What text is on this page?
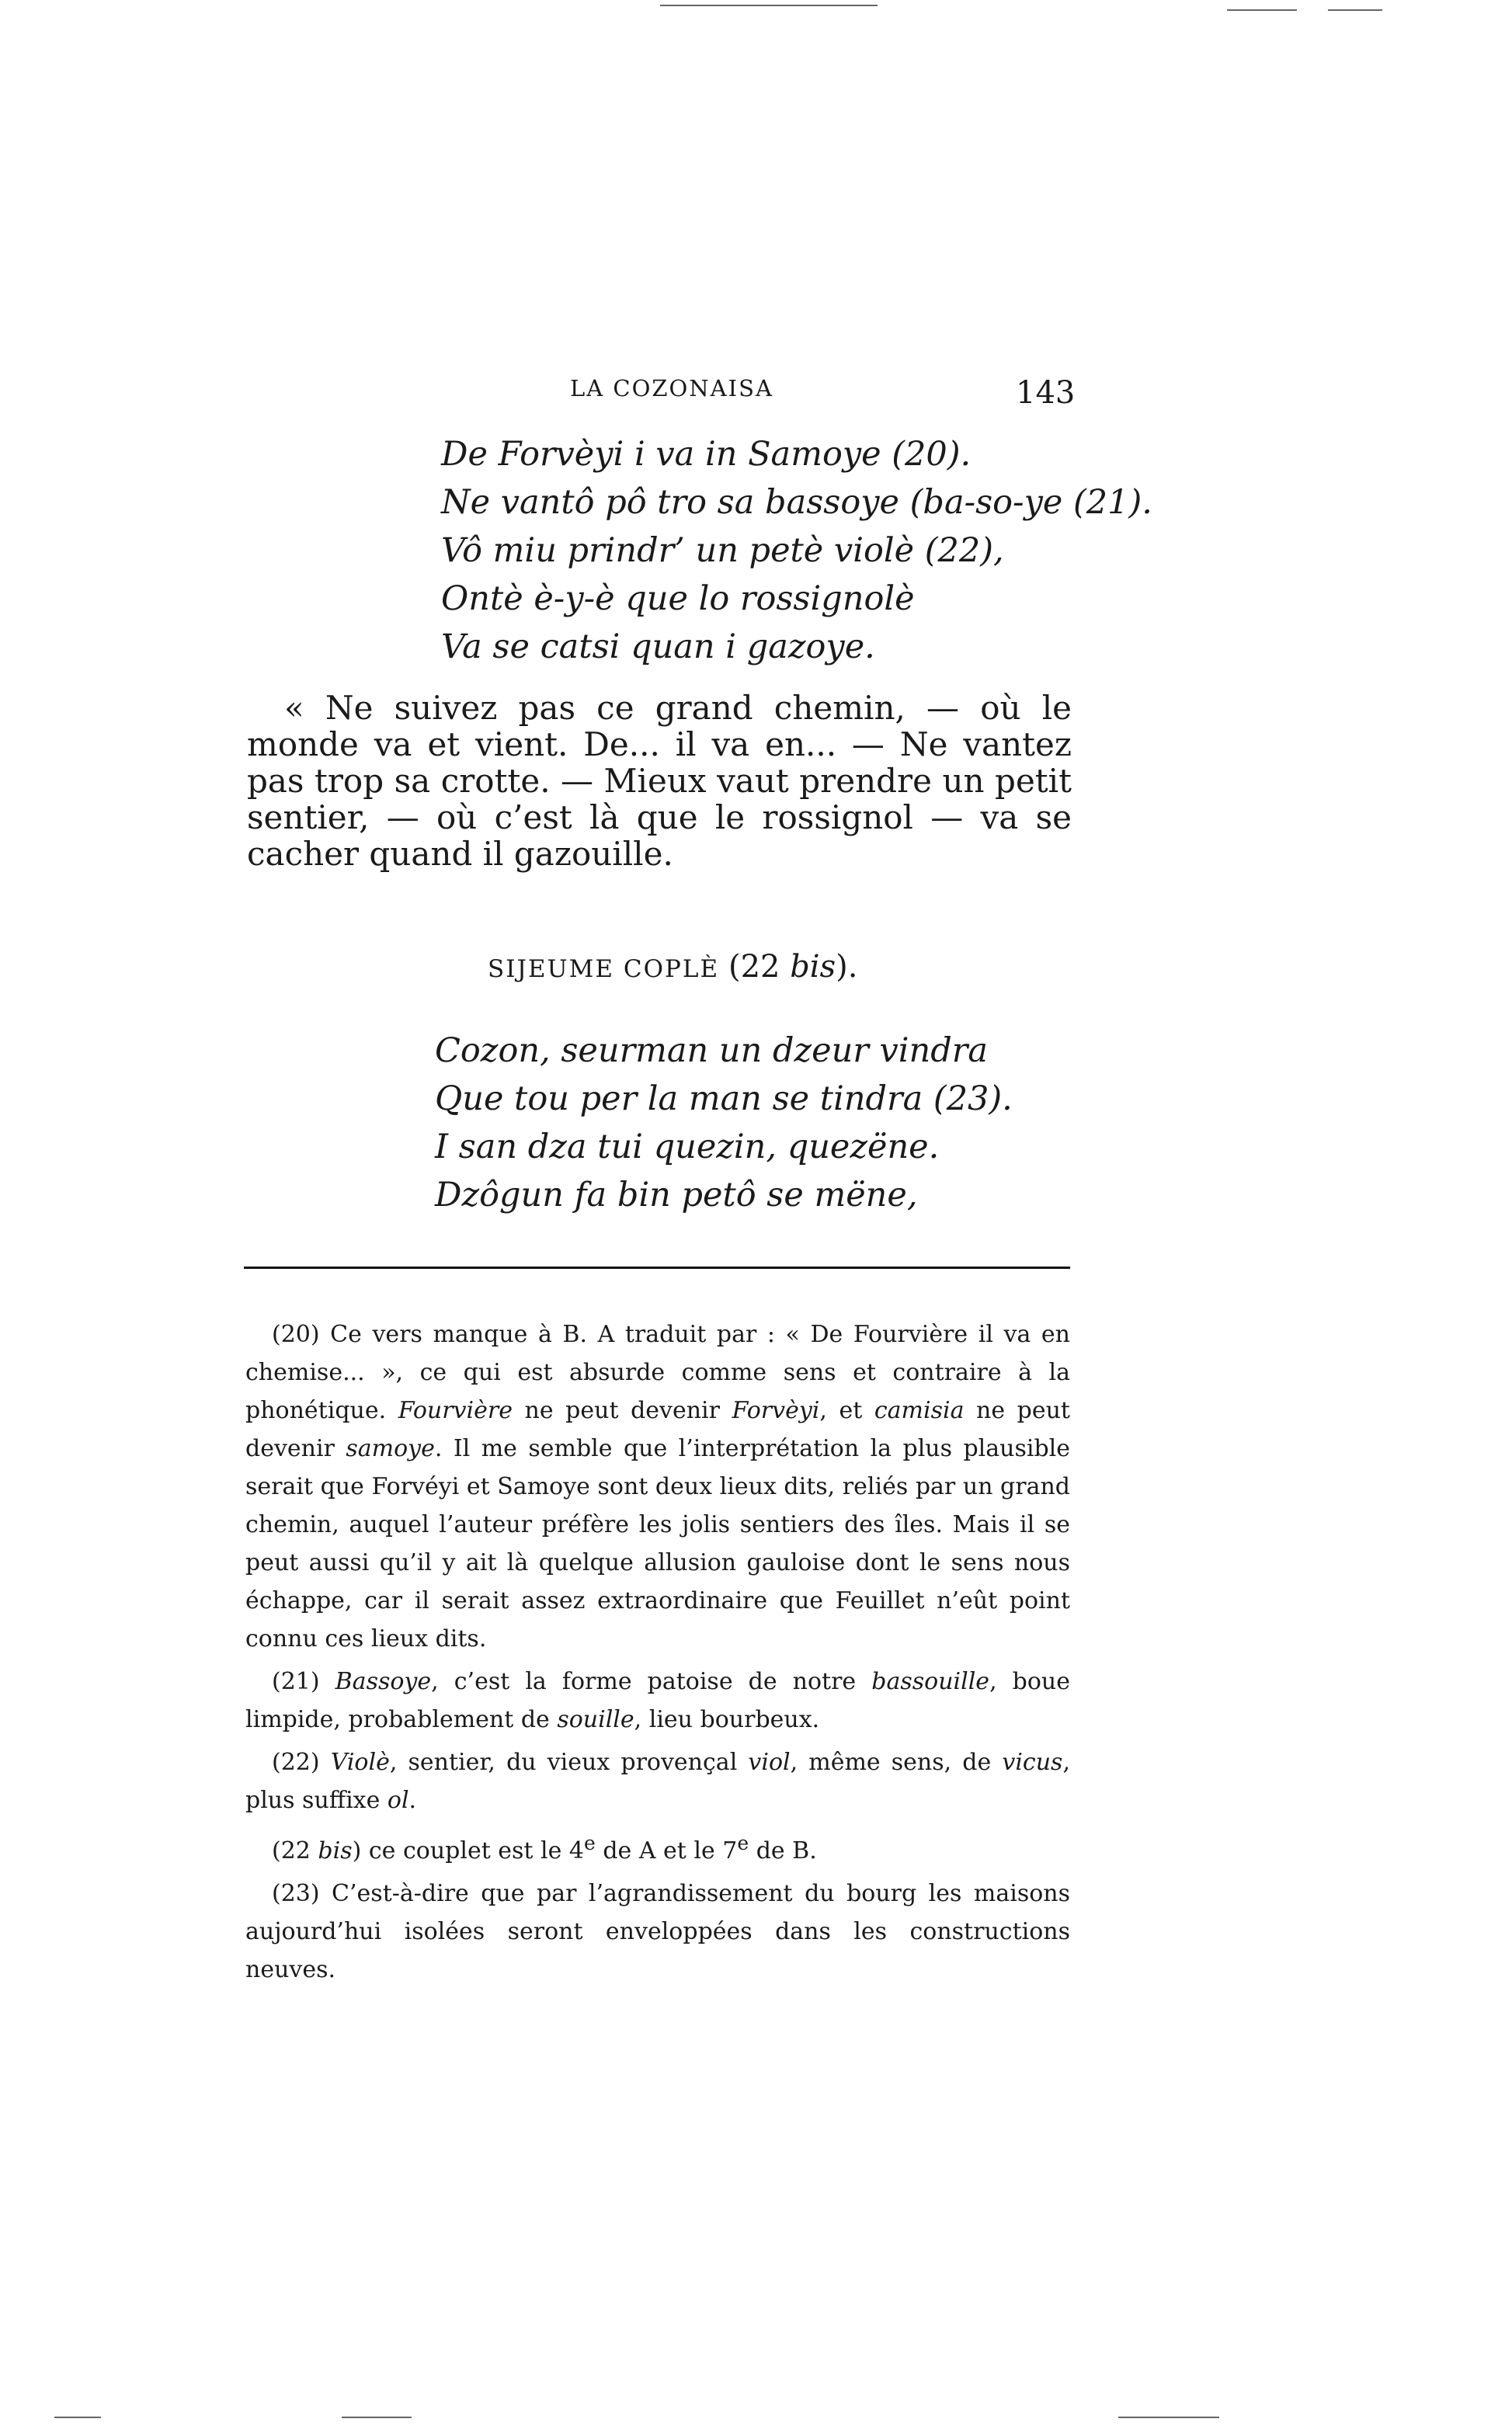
LA COZONAISA	143
De Forvèyi i va in Samoye (20).
Ne vantô pô tro sa bassoye (ba-so-ye (21).
Vô miu prindr’ un petè violè (22),
Ontè è-y-è que lo rossignolè
Va se catsi quan i gazoye.

« Ne suivez pas ce grand chemin, — où le monde va et vient. De... il va en... — Ne vantez pas trop sa crotte. — Mieux vaut prendre un petit sentier, — où c’est là que le rossignol — va se cacher quand il gazouille.

SIJEUME COPLÈ (22 bis).
Cozon, seurman un dzeur vindra
Que tou per la man se tindra (23).
I san dza tui quezin, quezëne.
Dzôgun fa bin petô se mëne,

(20) Ce vers manque à B. A traduit par : « De Fourvière il va en chemise... », ce qui est absurde comme sens et contraire à la phonétique. Fourvière ne peut devenir Forvèyi, et camisia ne peut devenir samoye. Il me semble que l’interprétation la plus plausible serait que Forvéyi et Samoye sont deux lieux dits, reliés par un grand chemin, auquel l’auteur préfère les jolis sentiers des îles. Mais il se peut aussi qu’il y ait là quelque allusion gauloise dont le sens nous échappe, car il serait assez extraordinaire que Feuillet n’eût point connu ces lieux dits.

(21) Bassoye, c’est la forme patoise de notre bassouille, boue limpide, probablement de souille, lieu bourbeux.

(22) Violè, sentier, du vieux provençal viol, même sens, de vicus, plus suffixe ol.

(22 bis) ce couplet est le 4e de A et le 7e de B.

(23) C’est-à-dire que par l’agrandissement du bourg les maisons aujourd’hui isolées seront enveloppées dans les constructions neuves.
